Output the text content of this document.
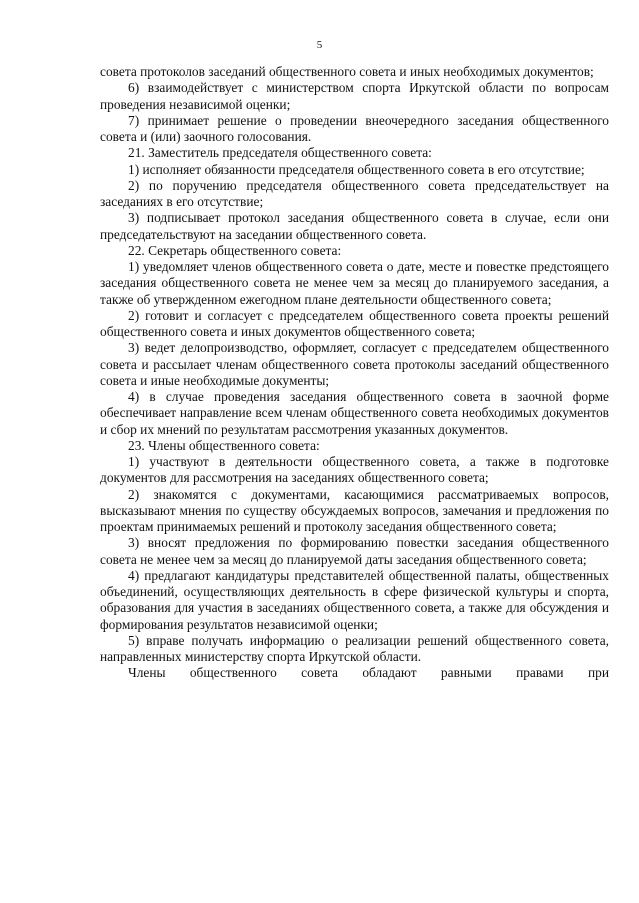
5

совета протоколов заседаний общественного совета и иных необходимых документов;

6) взаимодействует с министерством спорта Иркутской области по вопросам проведения независимой оценки;

7) принимает решение о проведении внеочередного заседания общественного совета и (или) заочного голосования.

21. Заместитель председателя общественного совета:

1) исполняет обязанности председателя общественного совета в его отсутствие;

2) по поручению председателя общественного совета председательствует на заседаниях в его отсутствие;

3) подписывает протокол заседания общественного совета в случае, если они председательствуют на заседании общественного совета.

22. Секретарь общественного совета:

1) уведомляет членов общественного совета о дате, месте и повестке предстоящего заседания общественного совета не менее чем за месяц до планируемого заседания, а также об утвержденном ежегодном плане деятельности общественного совета;

2) готовит и согласует с председателем общественного совета проекты решений общественного совета и иных документов общественного совета;

3) ведет делопроизводство, оформляет, согласует с председателем общественного совета и рассылает членам общественного совета протоколы заседаний общественного совета и иные необходимые документы;

4) в случае проведения заседания общественного совета в заочной форме обеспечивает направление всем членам общественного совета необходимых документов и сбор их мнений по результатам рассмотрения указанных документов.

23. Члены общественного совета:

1) участвуют в деятельности общественного совета, а также в подготовке документов для рассмотрения на заседаниях общественного совета;

2) знакомятся с документами, касающимися рассматриваемых вопросов, высказывают мнения по существу обсуждаемых вопросов, замечания и предложения по проектам принимаемых решений и протоколу заседания общественного совета;

3) вносят предложения по формированию повестки заседания общественного совета не менее чем за месяц до планируемой даты заседания общественного совета;

4) предлагают кандидатуры представителей общественной палаты, общественных объединений, осуществляющих деятельность в сфере физической культуры и спорта, образования для участия в заседаниях общественного совета, а также для обсуждения и формирования результатов независимой оценки;

5) вправе получать информацию о реализации решений общественного совета, направленных министерству спорта Иркутской области.

Члены общественного совета обладают равными правами при
